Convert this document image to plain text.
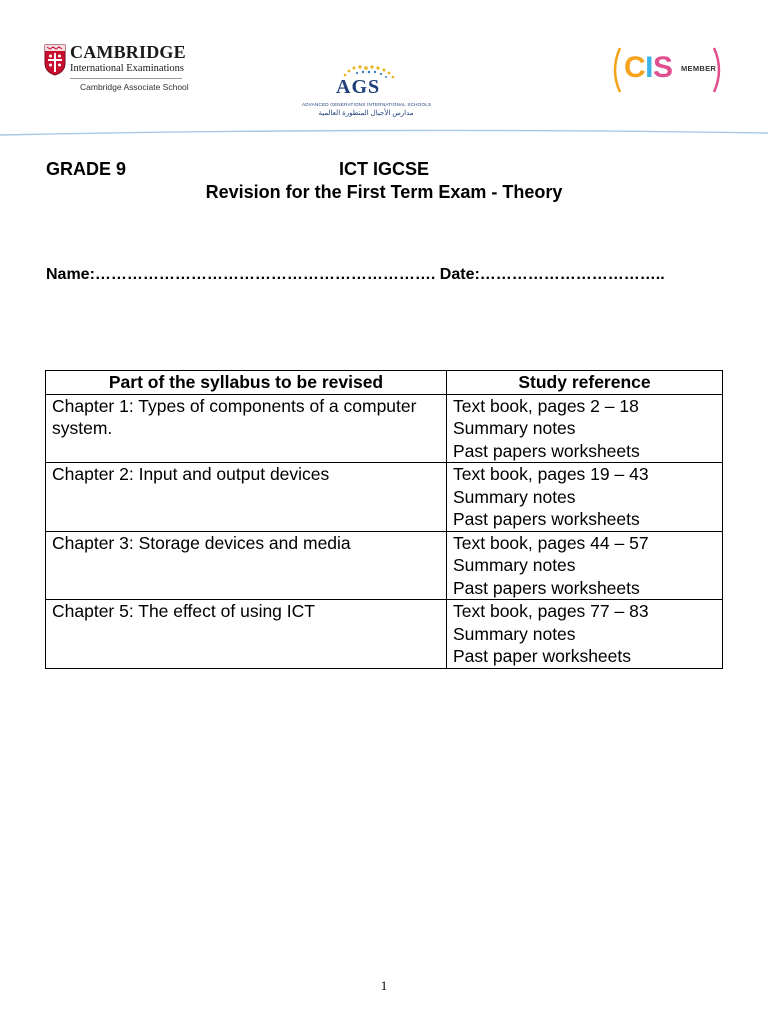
CAMBRIDGE
International Examinations
Cambridge Associate School	AGS
ADVANCED GENERATIONS INTERNATIONAL SCHOOLS
مدارس الأجيال المتطورة العالمية
CIS MEMBER
GRADE 9	ICT IGCSE
Revision for the First Term Exam - Theory
Name:………………………………………………………. Date:……………………………..
Part of the syllabus to be revised	Study reference
Chapter 1: Types of components of a computer system.	Text book, pages 2 – 18
Summary notes
Past papers worksheets

Chapter 2: Input and output devices	Text book, pages 19 – 43
Summary notes
Past papers worksheets

Chapter 3: Storage devices and media	Text book, pages 44 – 57
Summary notes
Past papers worksheets

Chapter 5: The effect of using ICT	Text book, pages 77 – 83
Summary notes
Past paper worksheets
1
